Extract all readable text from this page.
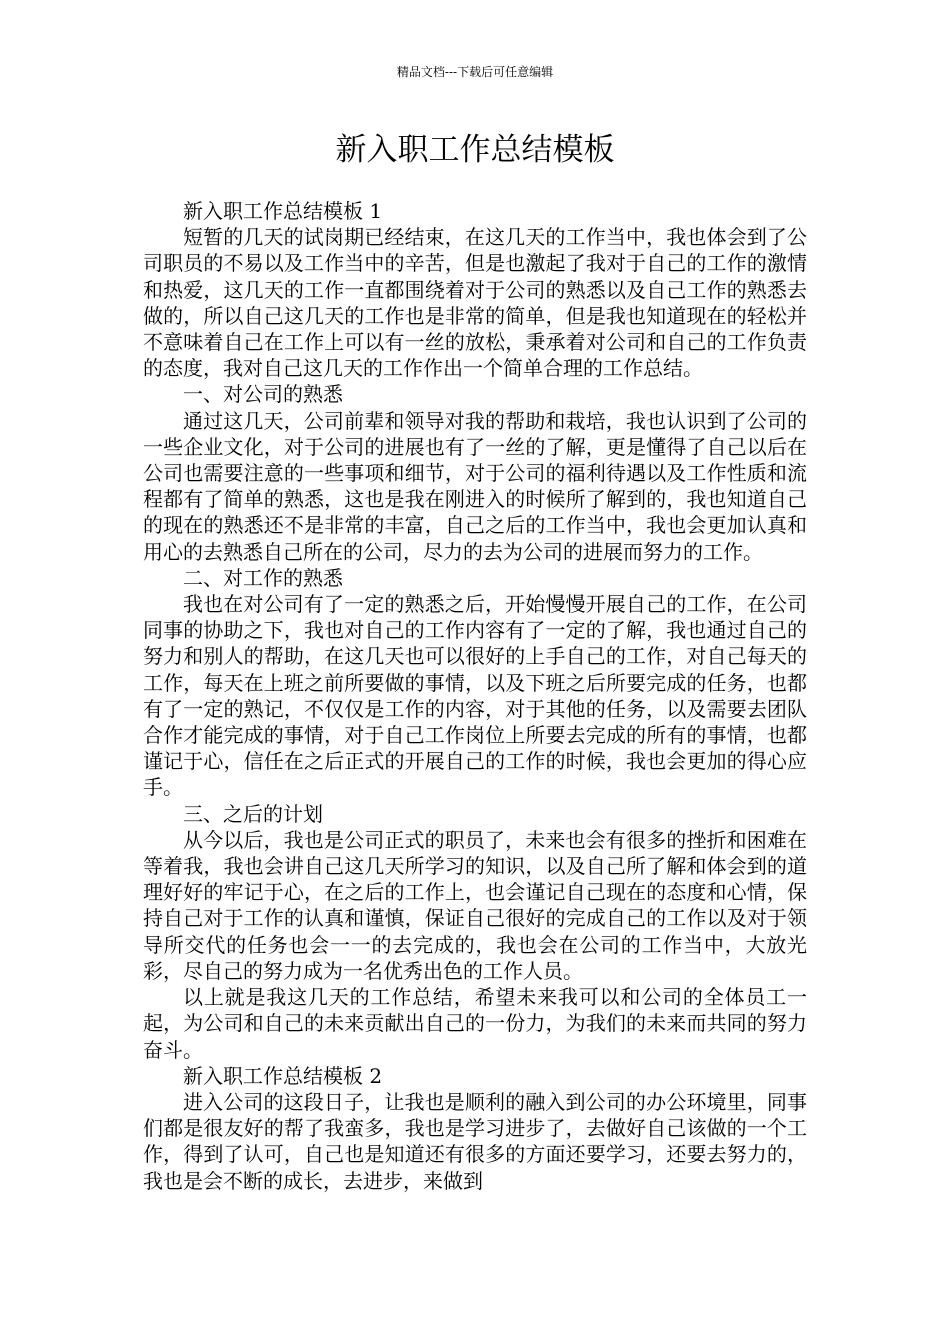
精品文档---下载后可任意编辑
新入职工作总结模板

新入职工作总结模板 1

短暂的几天的试岗期已经结束，在这几天的工作当中，我也体会到了公司职员的不易以及工作当中的辛苦，但是也激起了我对于自己的工作的激情和热爱，这几天的工作一直都围绕着对于公司的熟悉以及自己工作的熟悉去做的，所以自己这几天的工作也是非常的简单，但是我也知道现在的轻松并不意味着自己在工作上可以有一丝的放松，秉承着对公司和自己的工作负责的态度，我对自己这几天的工作作出一个简单合理的工作总结。

一、对公司的熟悉

通过这几天，公司前辈和领导对我的帮助和栽培，我也认识到了公司的一些企业文化，对于公司的进展也有了一丝的了解，更是懂得了自己以后在公司也需要注意的一些事项和细节，对于公司的福利待遇以及工作性质和流程都有了简单的熟悉，这也是我在刚进入的时候所了解到的，我也知道自己的现在的熟悉还不是非常的丰富，自己之后的工作当中，我也会更加认真和用心的去熟悉自己所在的公司，尽力的去为公司的进展而努力的工作。

二、对工作的熟悉

我也在对公司有了一定的熟悉之后，开始慢慢开展自己的工作，在公司同事的协助之下，我也对自己的工作内容有了一定的了解，我也通过自己的努力和别人的帮助，在这几天也可以很好的上手自己的工作，对自己每天的工作，每天在上班之前所要做的事情，以及下班之后所要完成的任务，也都有了一定的熟记，不仅仅是工作的内容，对于其他的任务，以及需要去团队合作才能完成的事情，对于自己工作岗位上所要去完成的所有的事情，也都谨记于心，信任在之后正式的开展自己的工作的时候，我也会更加的得心应手。

三、之后的计划

从今以后，我也是公司正式的职员了，未来也会有很多的挫折和困难在等着我，我也会讲自己这几天所学习的知识，以及自己所了解和体会到的道理好好的牢记于心，在之后的工作上，也会谨记自己现在的态度和心情，保持自己对于工作的认真和谨慎，保证自己很好的完成自己的工作以及对于领导所交代的任务也会一一的去完成的，我也会在公司的工作当中，大放光彩，尽自己的努力成为一名优秀出色的工作人员。

以上就是我这几天的工作总结，希望未来我可以和公司的全体员工一起，为公司和自己的未来贡献出自己的一份力，为我们的未来而共同的努力奋斗。

新入职工作总结模板 2

进入公司的这段日子，让我也是顺利的融入到公司的办公环境里，同事们都是很友好的帮了我蛮多，我也是学习进步了，去做好自己该做的一个工作，得到了认可，自己也是知道还有很多的方面还要学习，还要去努力的，我也是会不断的成长，去进步，来做到
